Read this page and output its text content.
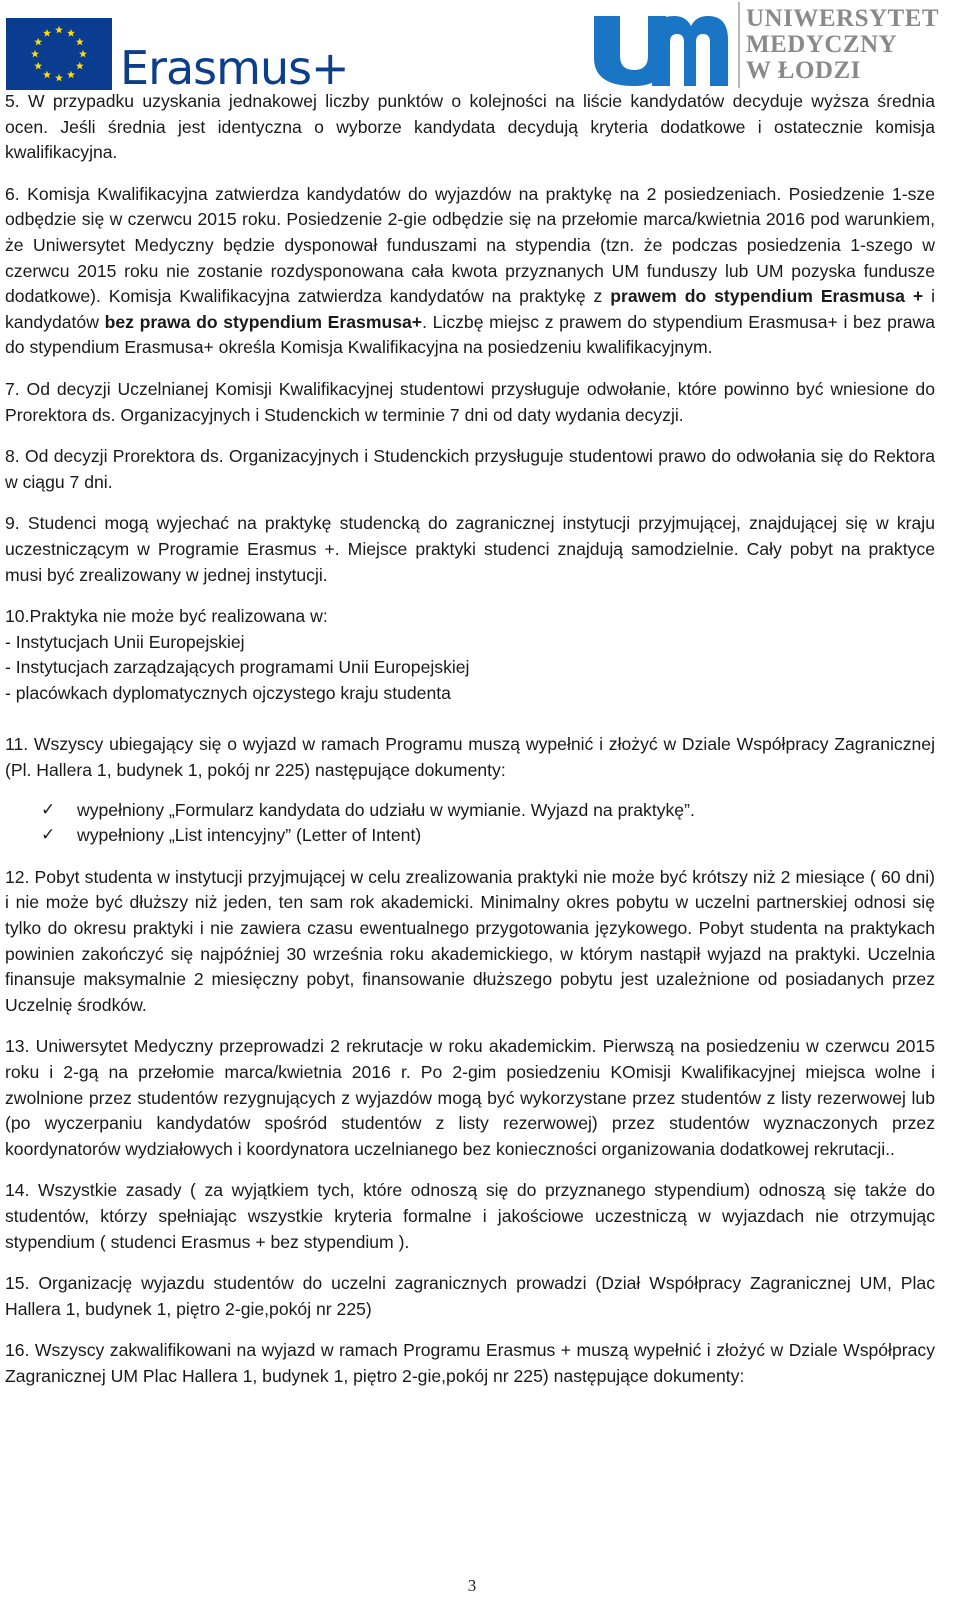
Erasmus+
UNIWERSYTET
MEDYCZNY
W ŁODZI

5. W przypadku uzyskania jednakowej liczby punktów o kolejności na liście kandydatów decyduje wyższa średnia ocen. Jeśli średnia jest identyczna o wyborze kandydata decydują kryteria dodatkowe i ostatecznie komisja kwalifikacyjna.

6. Komisja Kwalifikacyjna zatwierdza kandydatów do wyjazdów na praktykę na 2 posiedzeniach. Posiedzenie 1-sze odbędzie się w czerwcu 2015 roku. Posiedzenie 2-gie odbędzie się na przełomie marca/kwietnia 2016 pod warunkiem, że Uniwersytet Medyczny będzie dysponował funduszami na stypendia (tzn. że podczas posiedzenia 1-szego w czerwcu 2015 roku nie zostanie rozdysponowana cała kwota przyznanych UM funduszy lub UM pozyska fundusze dodatkowe). Komisja Kwalifikacyjna zatwierdza kandydatów na praktykę z prawem do stypendium Erasmusa + i kandydatów bez prawa do stypendium Erasmusa+. Liczbę miejsc z prawem do stypendium Erasmusa+ i bez prawa do stypendium Erasmusa+ określa Komisja Kwalifikacyjna na posiedzeniu kwalifikacyjnym.

7. Od decyzji Uczelnianej Komisji Kwalifikacyjnej studentowi przysługuje odwołanie, które powinno być wniesione do Prorektora ds. Organizacyjnych i Studenckich w terminie 7 dni od daty wydania decyzji.

8. Od decyzji Prorektora ds. Organizacyjnych i Studenckich przysługuje studentowi prawo do odwołania się do Rektora w ciągu 7 dni.

9. Studenci mogą wyjechać na praktykę studencką do zagranicznej instytucji przyjmującej, znajdującej się w kraju uczestniczącym w Programie Erasmus +. Miejsce praktyki studenci znajdują samodzielnie. Cały pobyt na praktyce musi być zrealizowany w jednej instytucji.

10.Praktyka nie może być realizowana w:
- Instytucjach Unii Europejskiej
- Instytucjach zarządzających programami Unii Europejskiej
- placówkach dyplomatycznych ojczystego kraju studenta

11. Wszyscy ubiegający się o wyjazd w ramach Programu muszą wypełnić i złożyć w Dziale Współpracy Zagranicznej (Pl. Hallera 1, budynek 1, pokój nr 225) następujące dokumenty:

✓ wypełniony „Formularz kandydata do udziału w wymianie. Wyjazd na praktykę”.
✓ wypełniony „List intencyjny” (Letter of Intent)

12. Pobyt studenta w instytucji przyjmującej w celu zrealizowania praktyki nie może być krótszy niż 2 miesiące ( 60 dni) i nie może być dłuższy niż jeden, ten sam rok akademicki. Minimalny okres pobytu w uczelni partnerskiej odnosi się tylko do okresu praktyki i nie zawiera czasu ewentualnego przygotowania językowego. Pobyt studenta na praktykach powinien zakończyć się najpóźniej 30 września roku akademickiego, w którym nastąpił wyjazd na praktyki. Uczelnia finansuje maksymalnie 2 miesięczny pobyt, finansowanie dłuższego pobytu jest uzależnione od posiadanych przez Uczelnię środków.

13. Uniwersytet Medyczny przeprowadzi 2 rekrutacje w roku akademickim. Pierwszą na posiedzeniu w czerwcu 2015 roku i 2-gą na przełomie marca/kwietnia 2016 r. Po 2-gim posiedzeniu KOmisji Kwalifikacyjnej miejsca wolne i zwolnione przez studentów rezygnujących z wyjazdów mogą być wykorzystane przez studentów z listy rezerwowej lub (po wyczerpaniu kandydatów spośród studentów z listy rezerwowej) przez studentów wyznaczonych przez koordynatorów wydziałowych i koordynatora uczelnianego bez konieczności organizowania dodatkowej rekrutacji..

14. Wszystkie zasady ( za wyjątkiem tych, które odnoszą się do przyznanego stypendium) odnoszą się także do studentów, którzy spełniając wszystkie kryteria formalne i jakościowe uczestniczą w wyjazdach nie otrzymując stypendium ( studenci Erasmus + bez stypendium ).

15. Organizację wyjazdu studentów do uczelni zagranicznych prowadzi (Dział Współpracy Zagranicznej UM, Plac Hallera 1, budynek 1, piętro 2-gie,pokój nr 225)

16. Wszyscy zakwalifikowani na wyjazd w ramach Programu Erasmus + muszą wypełnić i złożyć w Dziale Współpracy Zagranicznej UM Plac Hallera 1, budynek 1, piętro 2-gie,pokój nr 225) następujące dokumenty:

3
